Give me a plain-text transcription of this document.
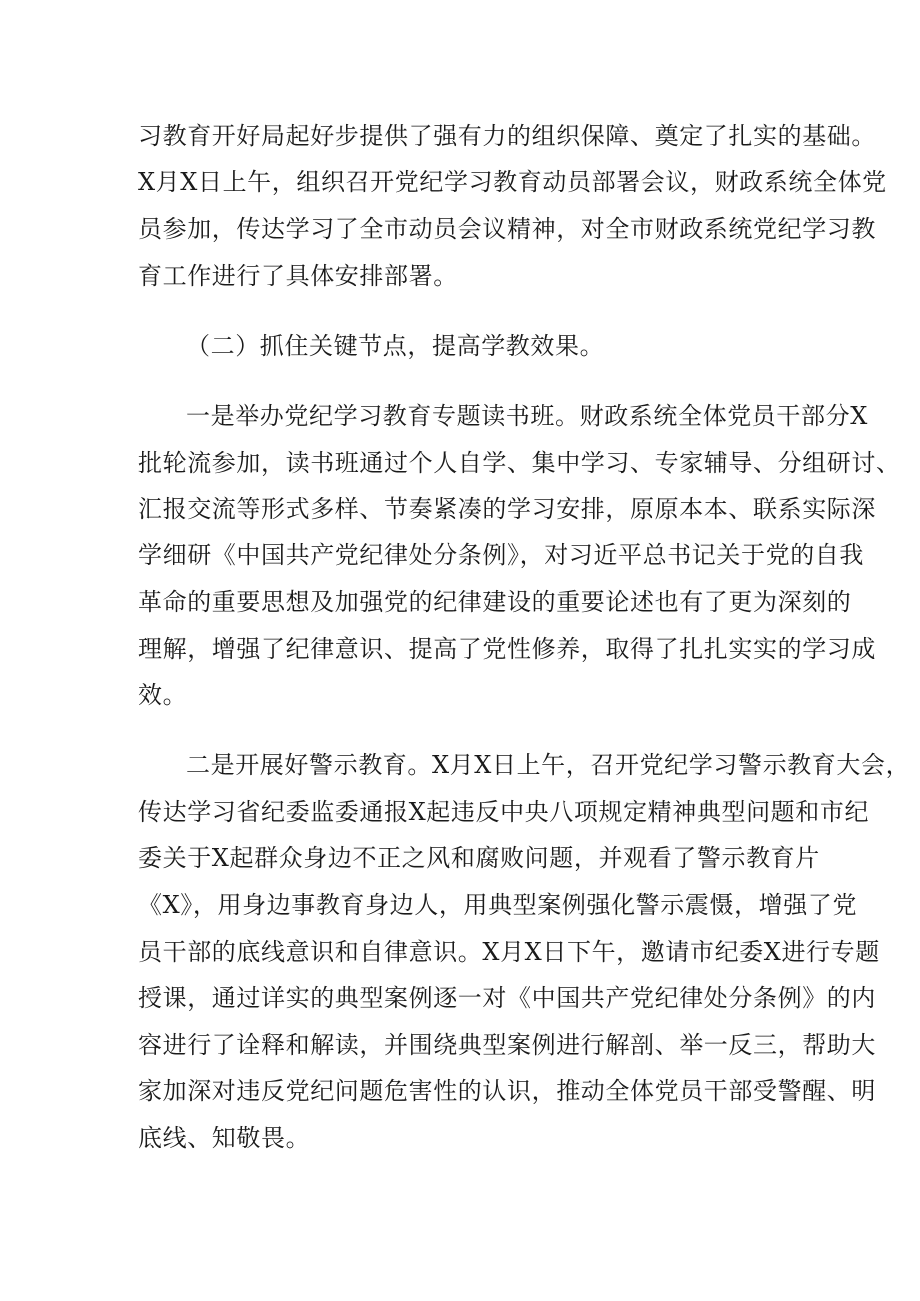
习教育开好局起好步提供了强有力的组织保障、奠定了扎实的基础。
X月X日上午，组织召开党纪学习教育动员部署会议，财政系统全体党
员参加，传达学习了全市动员会议精神，对全市财政系统党纪学习教
育工作进行了具体安排部署。
（二）抓住关键节点，提高学教效果。
一是举办党纪学习教育专题读书班。财政系统全体党员干部分X
批轮流参加，读书班通过个人自学、集中学习、专家辅导、分组研讨、
汇报交流等形式多样、节奏紧凑的学习安排，原原本本、联系实际深
学细研《中国共产党纪律处分条例》，对习近平总书记关于党的自我
革命的重要思想及加强党的纪律建设的重要论述也有了更为深刻的
理解，增强了纪律意识、提高了党性修养，取得了扎扎实实的学习成
效。
二是开展好警示教育。X月X日上午，召开党纪学习警示教育大会，
传达学习省纪委监委通报X起违反中央八项规定精神典型问题和市纪
委关于X起群众身边不正之风和腐败问题，并观看了警示教育片
《X》，用身边事教育身边人，用典型案例强化警示震慑，增强了党
员干部的底线意识和自律意识。X月X日下午，邀请市纪委X进行专题
授课，通过详实的典型案例逐一对《中国共产党纪律处分条例》的内
容进行了诠释和解读，并围绕典型案例进行解剖、举一反三，帮助大
家加深对违反党纪问题危害性的认识，推动全体党员干部受警醒、明
底线、知敬畏。
